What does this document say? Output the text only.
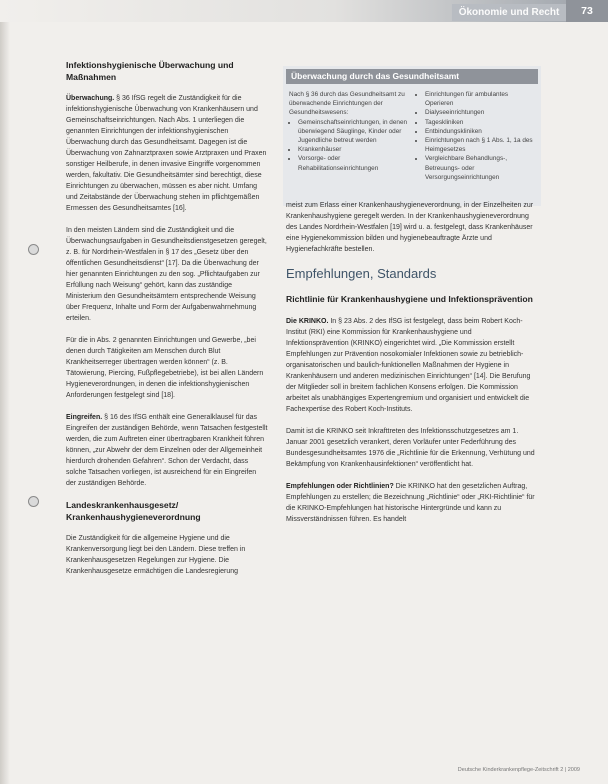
Ökonomie und Recht	73
Infektionshygienische Überwachung und Maßnahmen

Überwachung. § 36 IfSG regelt die Zuständigkeit für die infektionshygienische Überwachung von Krankenhäusern und Gemeinschaftseinrichtungen. Nach Abs. 1 unterliegen die genannten Einrichtungen der infektionshygienischen Überwachung durch das Gesundheitsamt. Dagegen ist die Überwachung von Zahnarztpraxen sowie Arztpraxen und Praxen sonstiger Heilberufe, in denen invasive Eingriffe vorgenommen werden, fakultativ. Die Gesundheitsämter sind berechtigt, diese Einrichtungen zu überwachen, müssen es aber nicht. Umfang und Zeitabstände der Überwachung stehen im pflichtgemäßen Ermessen des Gesundheitsamtes [16].

In den meisten Ländern sind die Zuständigkeit und die Überwachungsaufgaben in Gesundheitsdienstgesetzen geregelt, z. B. für Nordrhein-Westfalen in § 17 des „Gesetz über den öffentlichen Gesundheitsdienst“ [17]. Da die Überwachung der hier genannten Einrichtungen zu den sog. „Pflichtaufgaben zur Erfüllung nach Weisung“ gehört, kann das zuständige Ministerium den Gesundheitsämtern entsprechende Weisung über Frequenz, Inhalte und Form der Aufgabenwahrnehmung erteilen.

Für die in Abs. 2 genannten Einrichtungen und Gewerbe, „bei denen durch Tätigkeiten am Menschen durch Blut Krankheitserreger übertragen werden können“ (z. B. Tätowierung, Piercing, Fußpflegebetriebe), ist bei allen Ländern Hygieneverordnungen, in denen die infektionshygienischen Anforderungen festgelegt sind [18].

Eingreifen. § 16 des IfSG enthält eine Generalklausel für das Eingreifen der zuständigen Behörde, wenn Tatsachen festgestellt werden, die zum Auftreten einer übertragbaren Krankheit führen können, „zur Abwehr der dem Einzelnen oder der Allgemeinheit hierdurch drohenden Gefahren“. Schon der Verdacht, dass solche Tatsachen vorliegen, ist ausreichend für ein Eingreifen der zuständigen Behörde.

Landeskrankenhausgesetz/ Krankenhaushygieneverordnung

Die Zuständigkeit für die allgemeine Hygiene und die Krankenversorgung liegt bei den Ländern. Diese treffen in Krankenhausgesetzen Regelungen zur Hygiene. Die Krankenhausgesetze ermächtigen die Landesregierung

Überwachung durch das Gesundheitsamt
Nach § 36 durch das Gesundheitsamt zu überwachende Einrichtungen der Gesundheitswesens:
• Gemeinschaftseinrichtungen, in denen überwiegend Säuglinge, Kinder oder Jugendliche betreut werden
• Krankenhäuser
• Vorsorge- oder Rehabilitationseinrichtungen
• Einrichtungen für ambulantes Operieren
• Dialyseeinrichtungen
• Tageskliniken
• Entbindungskliniken
• Einrichtungen nach § 1 Abs. 1, 1a des Heimgesetzes
• Vergleichbare Behandlungs-, Betreuungs- oder Versorgungseinrichtungen

meist zum Erlass einer Krankenhaushygieneverordnung, in der Einzelheiten zur Krankenhaushygiene geregelt werden. In der Krankenhaushygieneverordnung des Landes Nordrhein-Westfalen [19] wird u. a. festgelegt, dass Krankenhäuser eine Hygienekommission bilden und hygienebeauftragte Ärzte und Hygienefachkräfte bestellen.

Empfehlungen, Standards
Richtlinie für Krankenhaushygiene und Infektionsprävention

Die KRINKO. In § 23 Abs. 2 des IfSG ist festgelegt, dass beim Robert Koch-Institut (RKI) eine Kommission für Krankenhaushygiene und Infektionsprävention (KRINKO) eingerichtet wird. „Die Kommission erstellt Empfehlungen zur Prävention nosokomialer Infektionen sowie zu betrieblich-organisatorischen und baulich-funktionellen Maßnahmen der Hygiene in Krankenhäusern und anderen medizinischen Einrichtungen“ [14]. Die Berufung der Mitglieder soll in breitem fachlichen Konsens erfolgen. Die Kommission arbeitet als unabhängiges Expertengremium und organisiert und entwickelt die Fachexpertise des Robert Koch-Instituts.

Damit ist die KRINKO seit Inkrafttreten des Infektionsschutzgesetzes am 1. Januar 2001 gesetzlich verankert, deren Vorläufer unter Federführung des Bundesgesundheitsamtes 1976 die „Richtlinie für die Erkennung, Verhütung und Bekämpfung von Krankenhausinfektionen“ veröffentlicht hat.

Empfehlungen oder Richtlinien? Die KRINKO hat den gesetzlichen Auftrag, Empfehlungen zu erstellen; die Bezeichnung „Richtlinie“ oder „RKI-Richtlinie“ für die KRINKO-Empfehlungen hat historische Hintergründe und kann zu Missverständnissen führen. Es handelt

Deutsche Kinderkrankenpflege-Zeitschrift 2 | 2009
